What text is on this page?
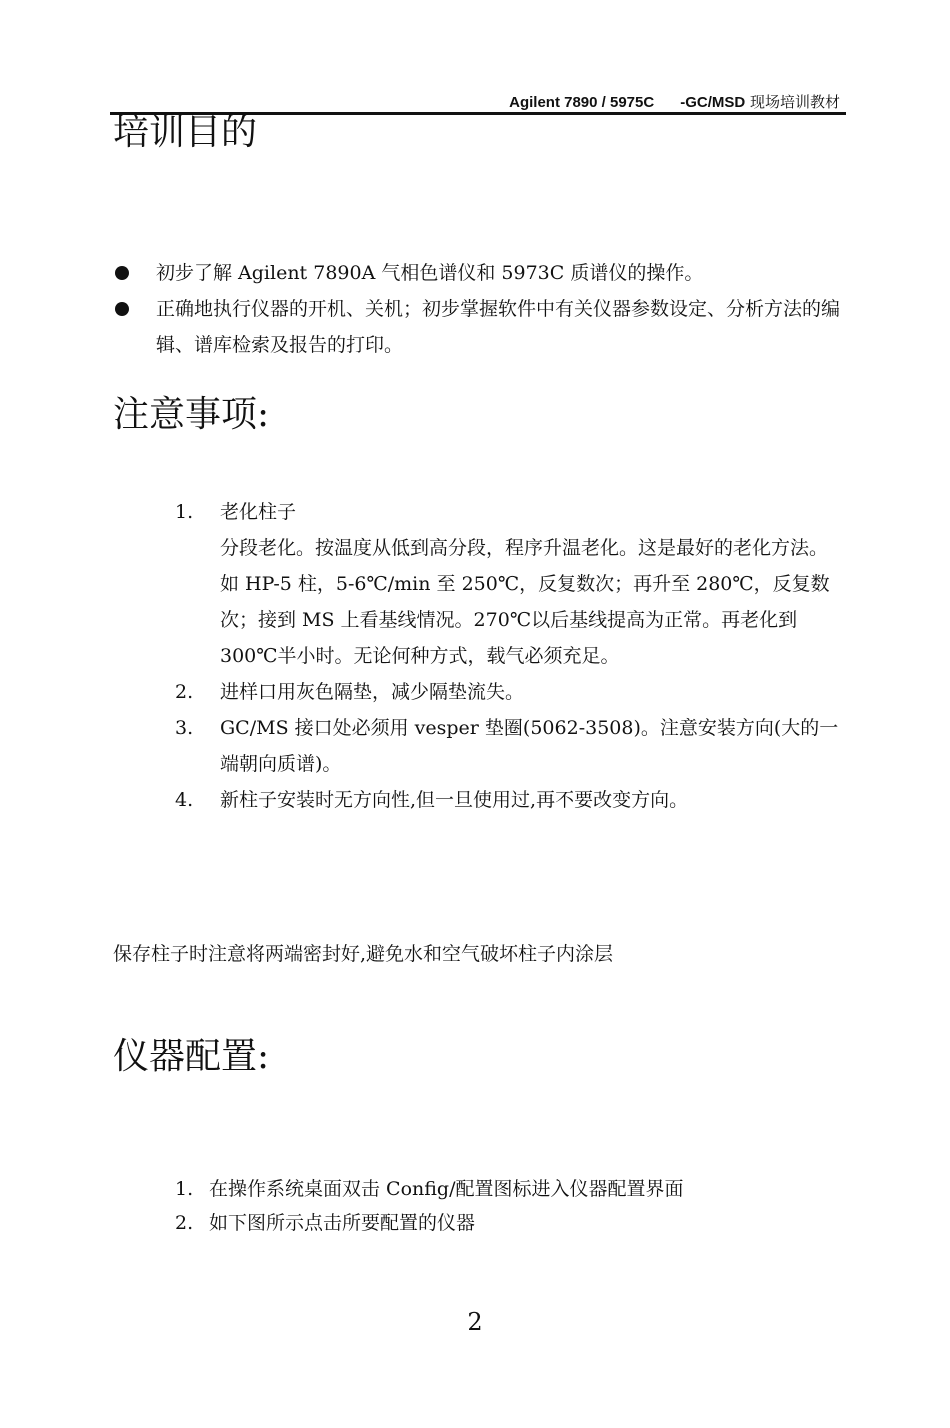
Agilent 7890 / 5975C -GC/MSD 现场培训教材
培训目的
初步了解 Agilent 7890A 气相色谱仪和 5973C 质谱仪的操作。
正确地执行仪器的开机、关机；初步掌握软件中有关仪器参数设定、分析方法的编辑、谱库检索及报告的打印。
注意事项:
1. 老化柱子
分段老化。按温度从低到高分段，程序升温老化。这是最好的老化方法。如 HP-5 柱，5-6℃/min 至 250℃，反复数次；再升至 280℃，反复数次；接到 MS 上看基线情况。270℃以后基线提高为正常。再老化到 300℃半小时。无论何种方式，载气必须充足。
2. 进样口用灰色隔垫，减少隔垫流失。
3. GC/MS 接口处必须用 vesper 垫圈(5062-3508)。注意安装方向(大的一端朝向质谱)。
4. 新柱子安装时无方向性,但一旦使用过,再不要改变方向。
保存柱子时注意将两端密封好,避免水和空气破坏柱子内涂层
仪器配置:
1. 在操作系统桌面双击 Config/配置图标进入仪器配置界面
2. 如下图所示点击所要配置的仪器
2
